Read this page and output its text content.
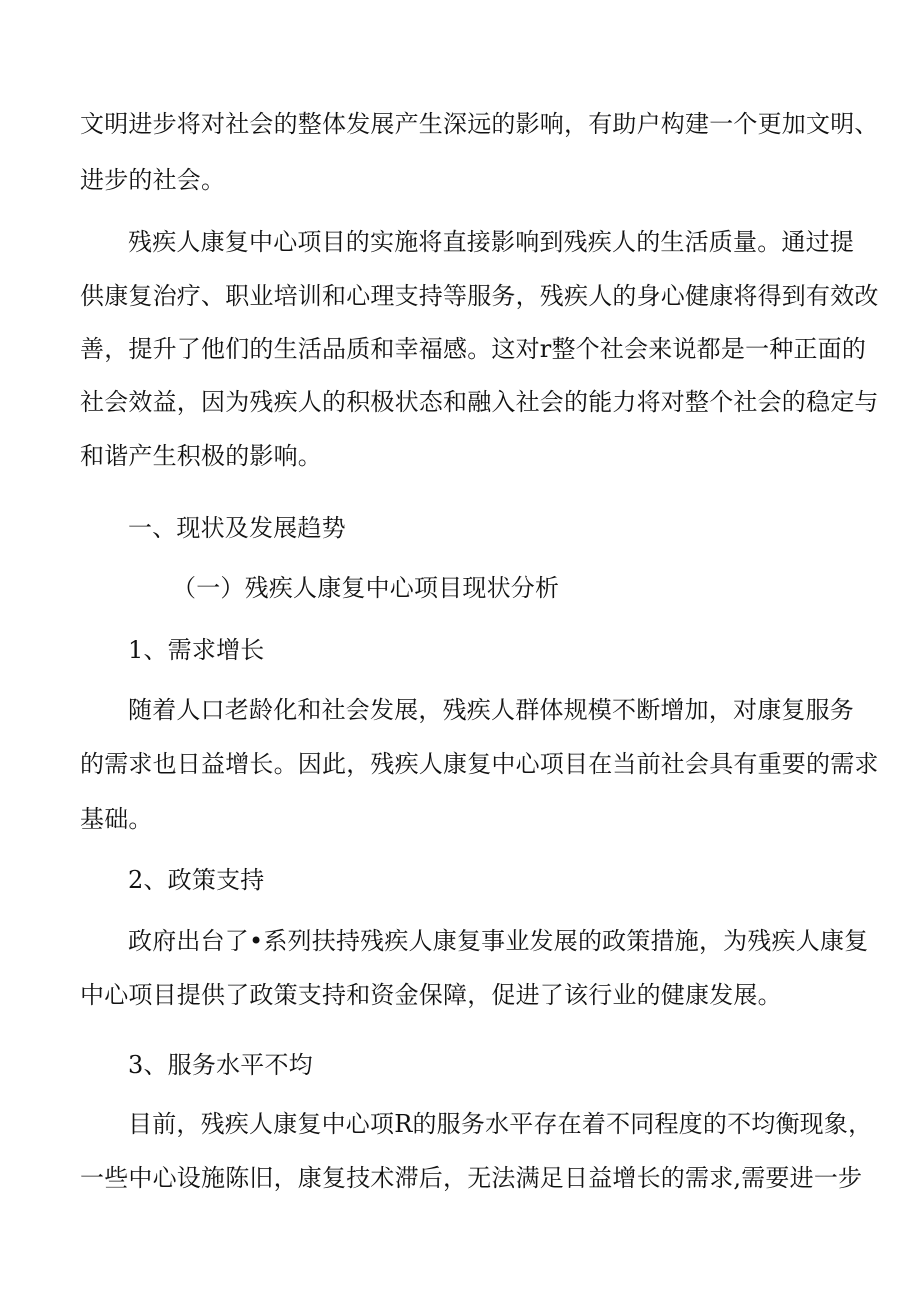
文明进步将对社会的整体发展产生深远的影响，有助户构建一个更加文明、
进步的社会。
残疾人康复中心项目的实施将直接影响到残疾人的生活质量。通过提
供康复治疗、职业培训和心理支持等服务，残疾人的身心健康将得到有效改
善，提升了他们的生活品质和幸福感。这对r整个社会来说都是一种正面的
社会效益，因为残疾人的积极状态和融入社会的能力将对整个社会的稳定与
和谐产生积极的影响。
一、现状及发展趋势
（一）残疾人康复中心项目现状分析
1、需求增长
随着人口老龄化和社会发展，残疾人群体规模不断增加，对康复服务
的需求也日益增长。因此，残疾人康复中心项目在当前社会具有重要的需求
基础。
2、政策支持
政府出台了•系列扶持残疾人康复事业发展的政策措施，为残疾人康复
中心项目提供了政策支持和资金保障，促进了该行业的健康发展。
3、服务水平不均
目前，残疾人康复中心项R的服务水平存在着不同程度的不均衡现象，
一些中心设施陈旧，康复技术滞后，无法满足日益增长的需求,需要进一步
